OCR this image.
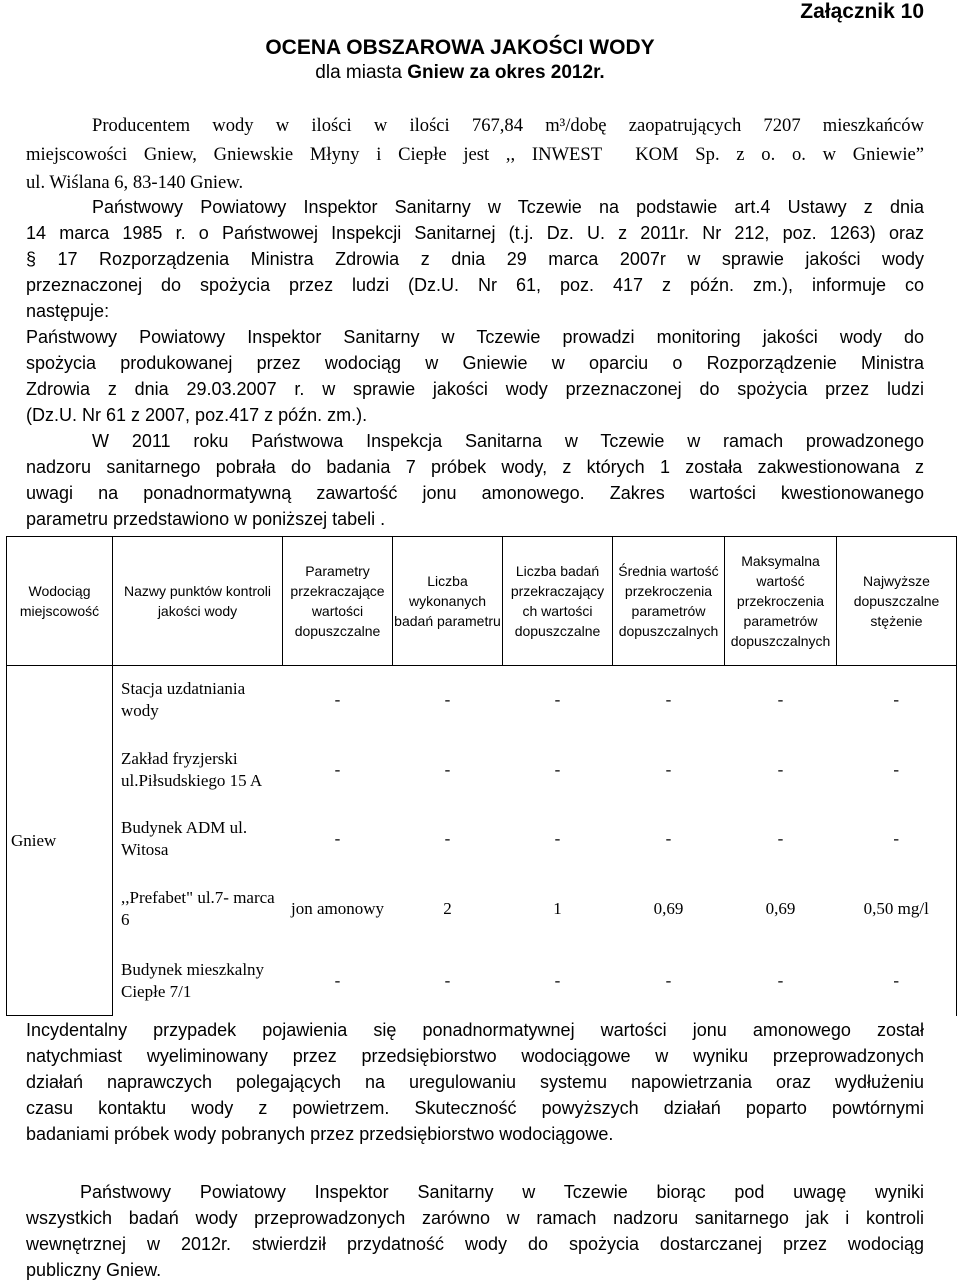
Załącznik 10
OCENA OBSZAROWA JAKOŚCI WODY
dla miasta Gniew za okres 2012r.
Producentem wody w ilości w ilości 767,84 m³/dobę zaopatrujących 7207 mieszkańców
miejscowości Gniew, Gniewskie Młyny i Ciepłe jest ,, INWEST  KOM Sp. z o. o. w Gniewie”
ul. Wiślana 6, 83-140 Gniew.
Państwowy Powiatowy Inspektor Sanitarny w Tczewie na podstawie art.4 Ustawy z dnia
14 marca 1985 r. o Państwowej Inspekcji Sanitarnej (t.j. Dz. U. z 2011r. Nr 212, poz. 1263) oraz
§ 17 Rozporządzenia Ministra Zdrowia z dnia 29 marca 2007r w sprawie jakości wody
przeznaczonej do spożycia przez ludzi (Dz.U. Nr 61, poz. 417 z późn. zm.), informuje co
następuje:
Państwowy Powiatowy Inspektor Sanitarny w Tczewie prowadzi monitoring jakości wody do
spożycia produkowanej przez wodociąg w Gniewie w oparciu o Rozporządzenie Ministra
Zdrowia z dnia 29.03.2007 r. w sprawie jakości wody przeznaczonej do spożycia przez ludzi
(Dz.U. Nr 61 z 2007, poz.417 z późn. zm.).
W 2011 roku Państwowa Inspekcja Sanitarna w Tczewie w ramach prowadzonego
nadzoru sanitarnego pobrała do badania 7 próbek wody, z których 1 została zakwestionowana z
uwagi na ponadnormatywną zawartość jonu amonowego. Zakres wartości kwestionowanego
parametru przedstawiono w poniższej tabeli .
Wodociąg miejscowość	Nazwy punktów kontroli jakości wody	Parametry przekraczające wartości dopuszczalne	Liczba wykonanych badań parametru	Liczba badań przekraczający ch wartości dopuszczalne	Średnia wartość przekroczenia parametrów dopuszczalnych	Maksymalna wartość przekroczenia parametrów dopuszczalnych	Najwyższe dopuszczalne stężenie
Gniew	Stacja uzdatniania wody	-	-	-	-	-	-
	Zakład fryzjerski ul.Piłsudskiego 15 A	-	-	-	-	-	-
	Budynek ADM ul. Witosa	-	-	-	-	-	-
	,,Prefabet" ul.7- marca 6	jon amonowy	2	1	0,69	0,69	0,50 mg/l
	Budynek mieszkalny Ciepłe 7/1	-	-	-	-	-	-
Incydentalny przypadek pojawienia się ponadnormatywnej wartości jonu amonowego został
natychmiast wyeliminowany przez przedsiębiorstwo wodociągowe w wyniku przeprowadzonych
działań naprawczych polegających na uregulowaniu systemu napowietrzania oraz wydłużeniu
czasu kontaktu wody z powietrzem. Skuteczność powyższych działań poparto powtórnymi
badaniami próbek wody pobranych przez przedsiębiorstwo wodociągowe.
Państwowy Powiatowy Inspektor Sanitarny w Tczewie biorąc pod uwagę wyniki
wszystkich badań wody przeprowadzonych zarówno w ramach nadzoru sanitarnego jak i kontroli
wewnętrznej w 2012r. stwierdził przydatność wody do spożycia dostarczanej przez wodociąg
publiczny Gniew.
